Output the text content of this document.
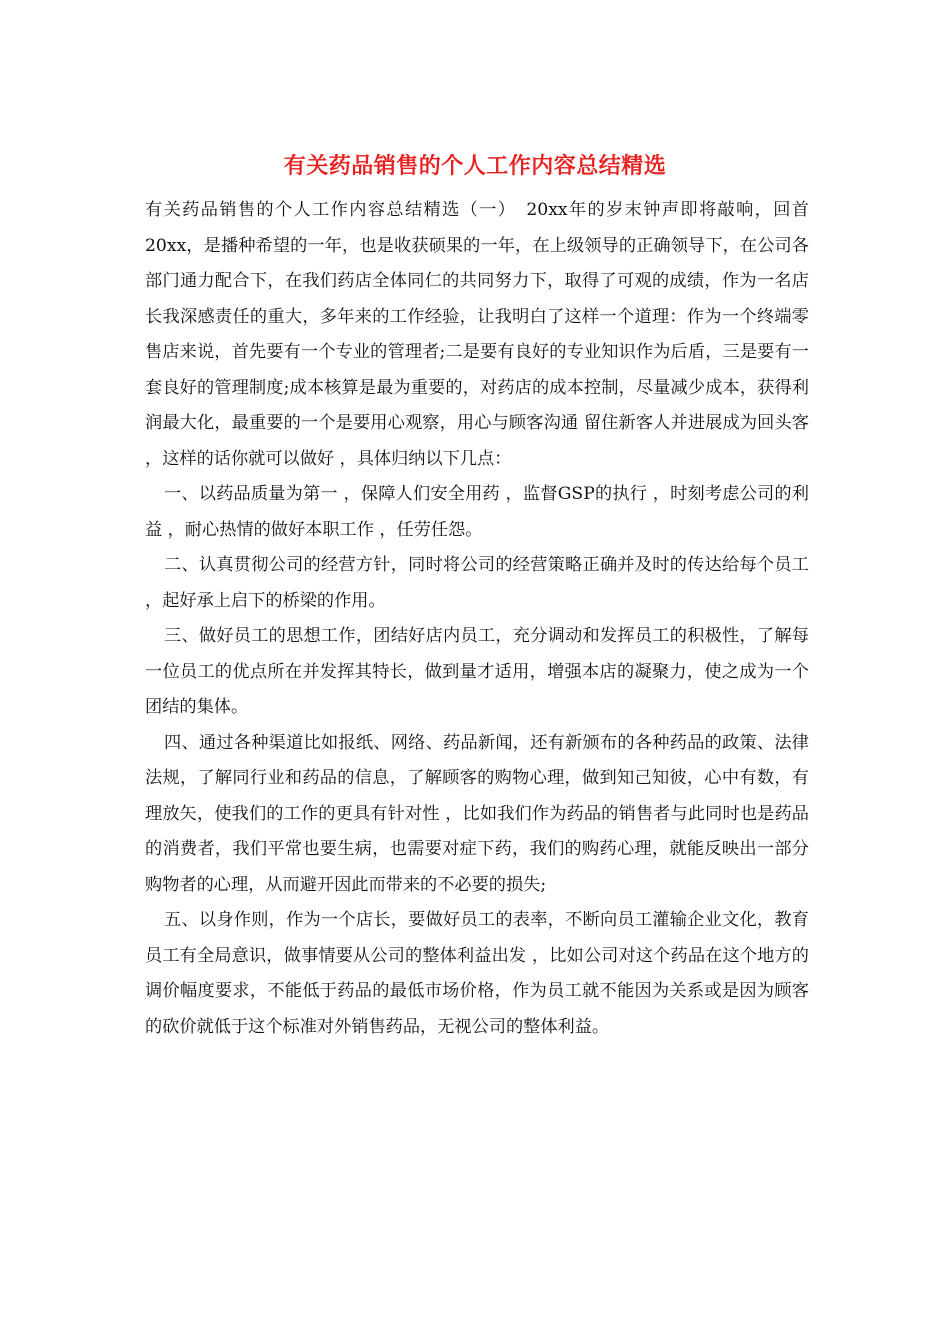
有关药品销售的个人工作内容总结精选

有关药品销售的个人工作内容总结精选（一）　20xx年的岁末钟声即将敲响，回首20xx，是播种希望的一年，也是收获硕果的一年，在上级领导的正确领导下，在公司各部门通力配合下，在我们药店全体同仁的共同努力下，取得了可观的成绩，作为一名店长我深感责任的重大，多年来的工作经验，让我明白了这样一个道理：作为一个终端零售店来说，首先要有一个专业的管理者;二是要有良好的专业知识作为后盾，三是要有一套良好的管理制度;成本核算是最为重要的，对药店的成本控制，尽量减少成本，获得利润最大化，最重要的一个是要用心观察，用心与顾客沟通 留住新客人并进展成为回头客 ，这样的话你就可以做好 ，具体归纳以下几点：

一、以药品质量为第一 ，保障人们安全用药 ，监督GSP的执行 ，时刻考虑公司的利益 ，耐心热情的做好本职工作 ，任劳任怨。

二、认真贯彻公司的经营方针，同时将公司的经营策略正确并及时的传达给每个员工 ，起好承上启下的桥梁的作用。

三、做好员工的思想工作，团结好店内员工，充分调动和发挥员工的积极性，了解每一位员工的优点所在并发挥其特长，做到量才适用，增强本店的凝聚力，使之成为一个团结的集体。

四、通过各种渠道比如报纸、网络、药品新闻，还有新颁布的各种药品的政策、法律法规，了解同行业和药品的信息，了解顾客的购物心理，做到知己知彼，心中有数，有理放矢，使我们的工作的更具有针对性 ，比如我们作为药品的销售者与此同时也是药品的消费者，我们平常也要生病，也需要对症下药，我们的购药心理，就能反映出一部分购物者的心理，从而避开因此而带来的不必要的损失;

五、以身作则，作为一个店长，要做好员工的表率，不断向员工灌输企业文化，教育员工有全局意识，做事情要从公司的整体利益出发 ，比如公司对这个药品在这个地方的调价幅度要求，不能低于药品的最低市场价格，作为员工就不能因为关系或是因为顾客的砍价就低于这个标准对外销售药品，无视公司的整体利益。
